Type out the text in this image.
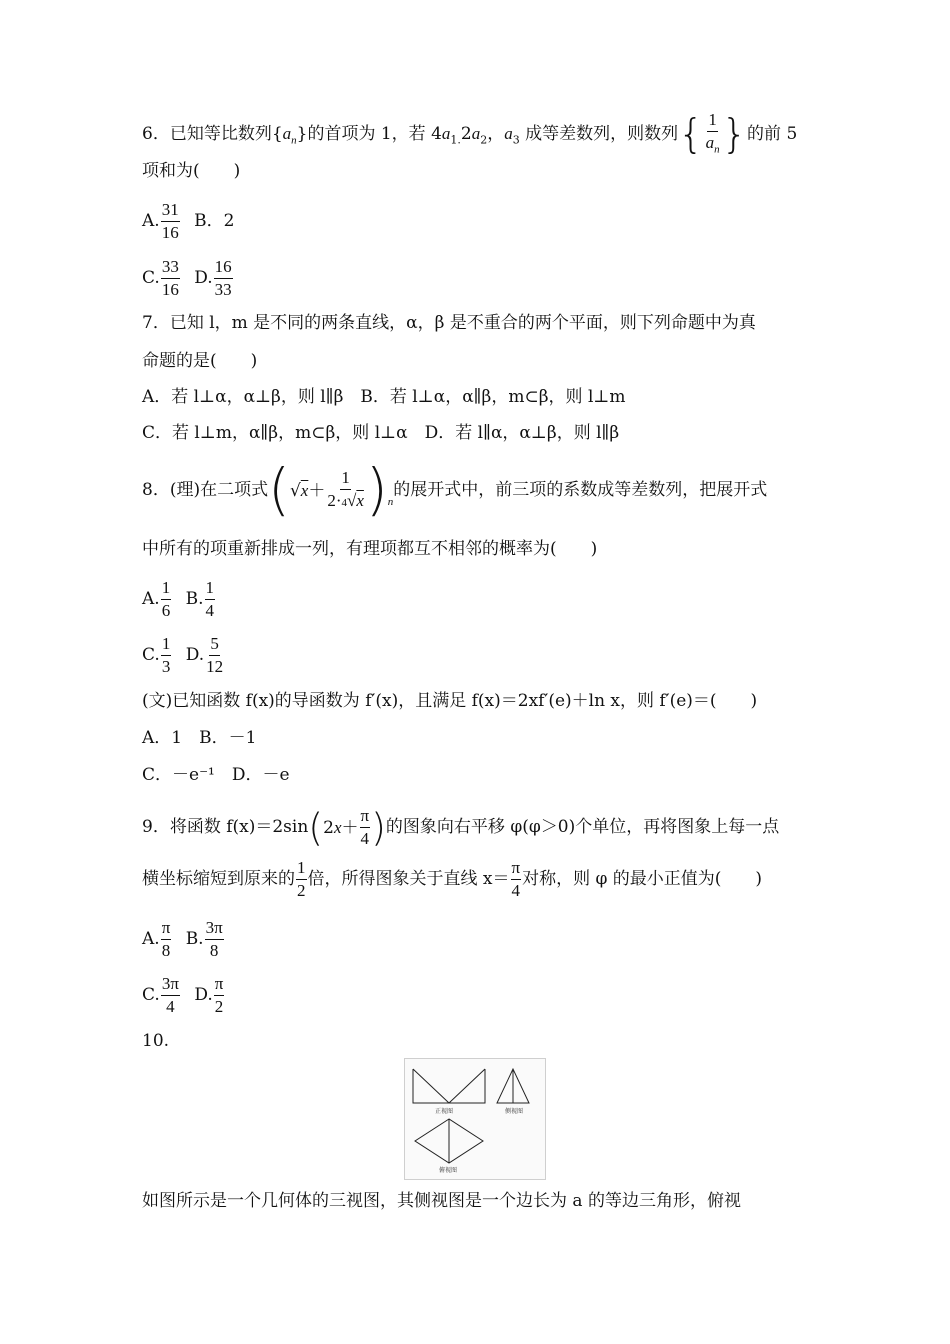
6．已知等比数列$\{a_n\}$的首项为 1，若 $4a_{1.}2a_2$，$a_3$ 成等差数列，则数列{ $\frac{1}{a_n}$ }的前 5
项和为(　　)
A. $\frac{31}{16}$ B．2
C. $\frac{33}{16} D$. $\frac{16}{33}$
7．已知 l，m 是不同的两条直线，α，β 是不重合的两个平面，则下列命题中为真
命题的是(　　)
A．若 l⊥α，α⊥β，则 l∥β　B．若 l⊥α，α∥β，m⊂β，则 l⊥m
C．若 l⊥m，α∥β，m⊂β，则 l⊥α　D．若 l∥α，α⊥β，则 l∥β
8．(理)在二项式$(√x+ \frac{1}{2\cdot 4√x} )_n$的展开式中，前三项的系数成等差数列，把展开式
中所有的项重新排成一列，有理项都互不相邻的概率为(　　)
A. $\frac{1}{6} B$. $\frac{1}{4}$
C. $\frac{1}{3} D$. $\frac{5}{12}$
(文)已知函数 f(x)的导函数为 f′(x)，且满足 f(x)＝2xf′(e)＋ln x，则 f′(e)＝(　　)
A．1　B．－1
C．－e⁻¹　D．－e
9．将函数 $f(x)=2\sin(2x+ \frac{\pi}{4}$ )的图象向右平移 φ(φ＞0)个单位，再将图象上每一点
横坐标缩短到原来的 $\frac{1}{2}$ 倍，所得图象关于直线 $x= \frac{\pi}{4}$ 对称，则 φ 的最小正值为(　　)
A. $\frac{\pi}{8} B$. $\frac{3\pi}{8}$
C. $\frac{3\pi}{4} D$. $\frac{\pi}{2}$
10.
正视图	侧视图
俯视图
如图所示是一个几何体的三视图，其侧视图是一个边长为 a 的等边三角形，俯视
